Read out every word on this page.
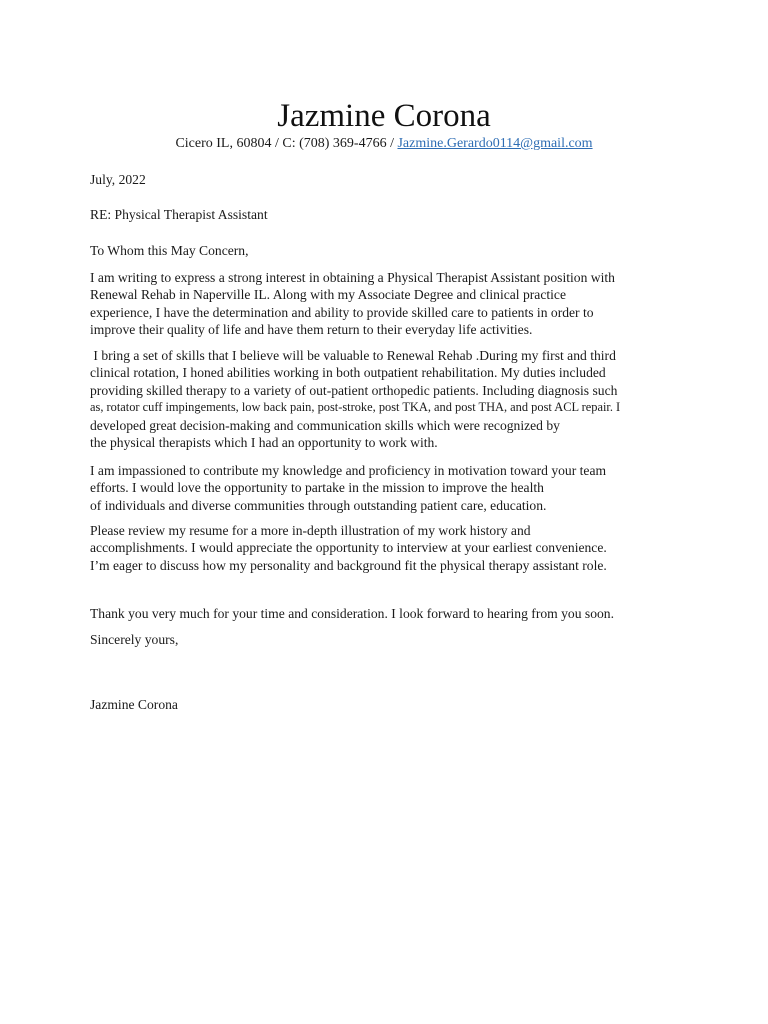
Jazmine Corona
Cicero IL, 60804 / C: (708) 369-4766 / Jazmine.Gerardo0114@gmail.com

July, 2022

RE: Physical Therapist Assistant

To Whom this May Concern,

I am writing to express a strong interest in obtaining a Physical Therapist Assistant position with
Renewal Rehab in Naperville IL. Along with my Associate Degree and clinical practice
experience, I have the determination and ability to provide skilled care to patients in order to
improve their quality of life and have them return to their everyday life activities.

I bring a set of skills that I believe will be valuable to Renewal Rehab .During my first and third
clinical rotation, I honed abilities working in both outpatient rehabilitation. My duties included
providing skilled therapy to a variety of out-patient orthopedic patients. Including diagnosis such
as, rotator cuff impingements, low back pain, post-stroke, post TKA, and post THA, and post ACL repair. I
developed great decision-making and communication skills which were recognized by
the physical therapists which I had an opportunity to work with.

I am impassioned to contribute my knowledge and proficiency in motivation toward your team
efforts. I would love the opportunity to partake in the mission to improve the health
of individuals and diverse communities through outstanding patient care, education.

Please review my resume for a more in-depth illustration of my work history and
accomplishments. I would appreciate the opportunity to interview at your earliest convenience.
I’m eager to discuss how my personality and background fit the physical therapy assistant role.

Thank you very much for your time and consideration. I look forward to hearing from you soon.

Sincerely yours,

Jazmine Corona
